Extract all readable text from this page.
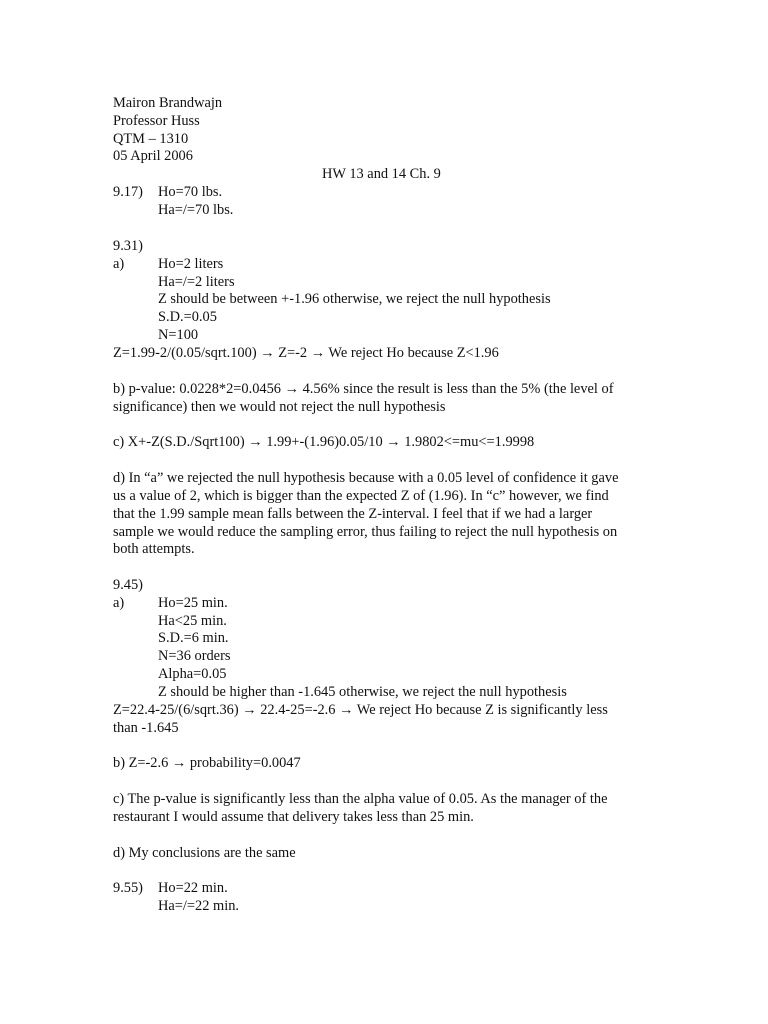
Mairon Brandwajn
Professor Huss
QTM – 1310
05 April 2006
HW 13 and 14 Ch. 9
9.17) Ho=70 lbs.
Ha=/=70 lbs.
9.31)
a) Ho=2 liters
Ha=/=2 liters
Z should be between +-1.96 otherwise, we reject the null hypothesis
S.D.=0.05
N=100
Z=1.99-2/(0.05/sqrt.100) → Z=-2 → We reject Ho because Z<1.96
b) p-value: 0.0228*2=0.0456 → 4.56% since the result is less than the 5% (the level of
significance) then we would not reject the null hypothesis
c) X+-Z(S.D./Sqrt100) → 1.99+-(1.96)0.05/10 → 1.9802<=mu<=1.9998
d) In “a” we rejected the null hypothesis because with a 0.05 level of confidence it gave
us a value of 2, which is bigger than the expected Z of (1.96). In “c” however, we find
that the 1.99 sample mean falls between the Z-interval. I feel that if we had a larger
sample we would reduce the sampling error, thus failing to reject the null hypothesis on
both attempts.
9.45)
a) Ho=25 min.
Ha<25 min.
S.D.=6 min.
N=36 orders
Alpha=0.05
Z should be higher than -1.645 otherwise, we reject the null hypothesis
Z=22.4-25/(6/sqrt.36) → 22.4-25=-2.6 → We reject Ho because Z is significantly less
than -1.645
b) Z=-2.6 → probability=0.0047
c) The p-value is significantly less than the alpha value of 0.05. As the manager of the
restaurant I would assume that delivery takes less than 25 min.
d) My conclusions are the same
9.55) Ho=22 min.
Ha=/=22 min.
